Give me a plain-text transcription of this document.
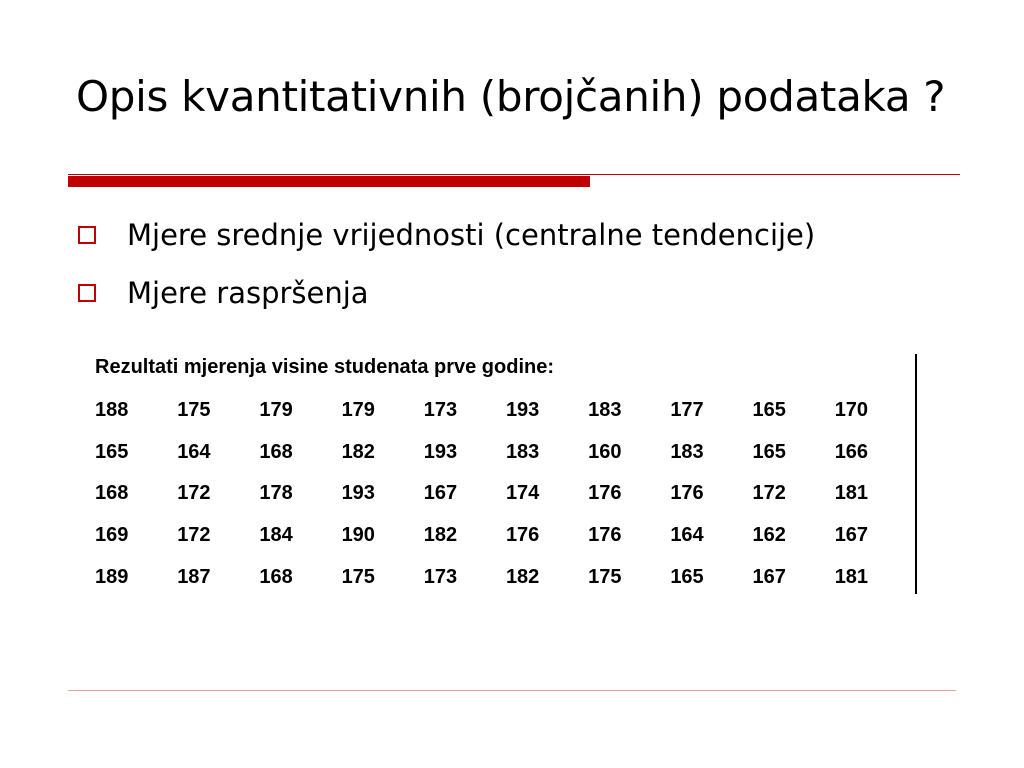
Opis kvantitativnih (brojčanih) podataka ?
Mjere srednje vrijednosti (centralne tendencije)
Mjere raspršenja
Rezultati mjerenja visine studenata prve godine:
188	175	179	179	173	193	183	177	165	170
165	164	168	182	193	183	160	183	165	166
168	172	178	193	167	174	176	176	172	181
169	172	184	190	182	176	176	164	162	167
189	187	168	175	173	182	175	165	167	181
